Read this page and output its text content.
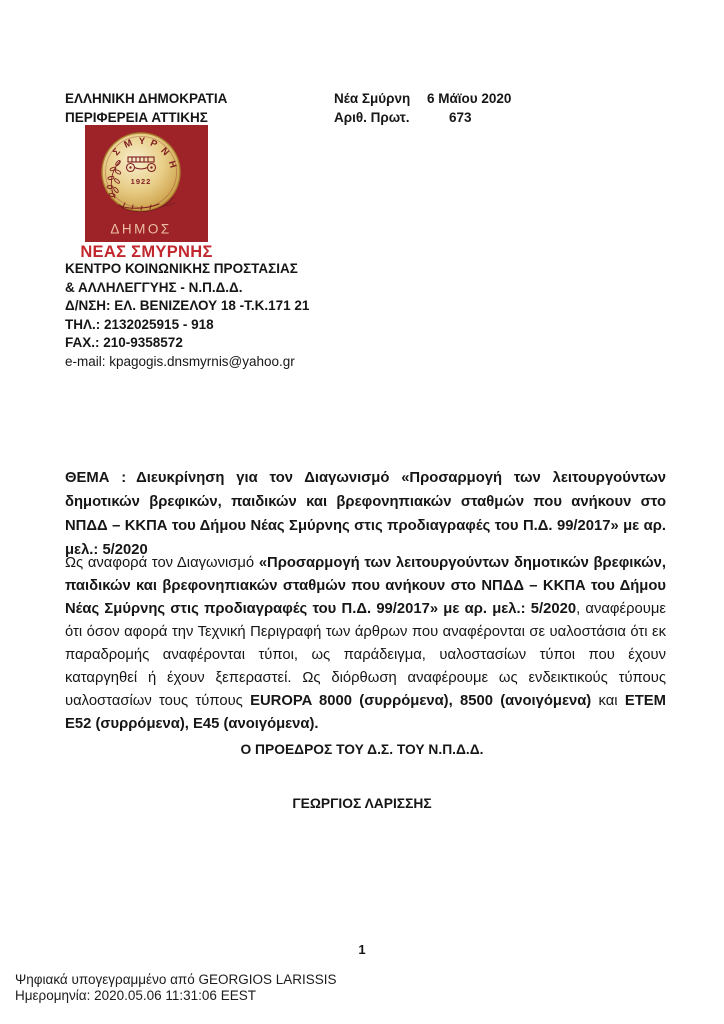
ΕΛΛΗΝΙΚΗ ΔΗΜΟΚΡΑΤΙΑ
ΠΕΡΙΦΕΡΕΙΑ ΑΤΤΙΚΗΣ
Νέα Σμύρνη 6 Μάϊου 2020
Αριθ. Πρωτ.	673
Σ
Μ Υ Ρ
Ν
Η
1922
ΔΗΜΟΣ
ΝΕΑΣ ΣΜΥΡΝΗΣ
ΚΕΝΤΡΟ ΚΟΙΝΩΝΙΚΗΣ ΠΡΟΣΤΑΣΙΑΣ
& ΑΛΛΗΛΕΓΓΥΗΣ - Ν.Π.Δ.Δ.
Δ/ΝΣΗ: ΕΛ. ΒΕΝΙΖΕΛΟΥ 18 -Τ.Κ.171 21
ΤΗΛ.: 2132025915 - 918
FAX.: 210-9358572
e-mail: kpagogis.dnsmyrnis@yahoo.gr
ΘΕΜΑ : Διευκρίνηση για τον Διαγωνισμό «Προσαρμογή των λειτουργούντων δημοτικών βρεφικών, παιδικών και βρεφονηπιακών σταθμών που ανήκουν στο ΝΠΔΔ – ΚΚΠΑ του Δήμου Νέας Σμύρνης στις προδιαγραφές του Π.Δ. 99/2017» με αρ. μελ.: 5/2020
Ως αναφορά τον Διαγωνισμό «Προσαρμογή των λειτουργούντων δημοτικών βρεφικών, παιδικών και βρεφονηπιακών σταθμών που ανήκουν στο ΝΠΔΔ – ΚΚΠΑ του Δήμου Νέας Σμύρνης στις προδιαγραφές του Π.Δ. 99/2017» με αρ. μελ.: 5/2020, αναφέρουμε ότι όσον αφορά την Τεχνική Περιγραφή των άρθρων που αναφέρονται σε υαλοστάσια ότι εκ παραδρομής αναφέρονται τύποι, ως παράδειγμα, υαλοστασίων τύποι που έχουν καταργηθεί ή έχουν ξεπεραστεί. Ως διόρθωση αναφέρουμε ως ενδεικτικούς τύπους υαλοστασίων τους τύπους EUROPA 8000 (συρρόμενα), 8500 (ανοιγόμενα) και ΕΤΕΜ Ε52 (συρρόμενα), Ε45 (ανοιγόμενα).
Ο ΠΡΟΕΔΡΟΣ ΤΟΥ Δ.Σ. ΤΟΥ Ν.Π.Δ.Δ.
ΓΕΩΡΓΙΟΣ ΛΑΡΙΣΣΗΣ
1
Ψηφιακά υπογεγραμμένο από GEORGIOS LARISSIS
Ημερομηνία: 2020.05.06 11:31:06 EEST
